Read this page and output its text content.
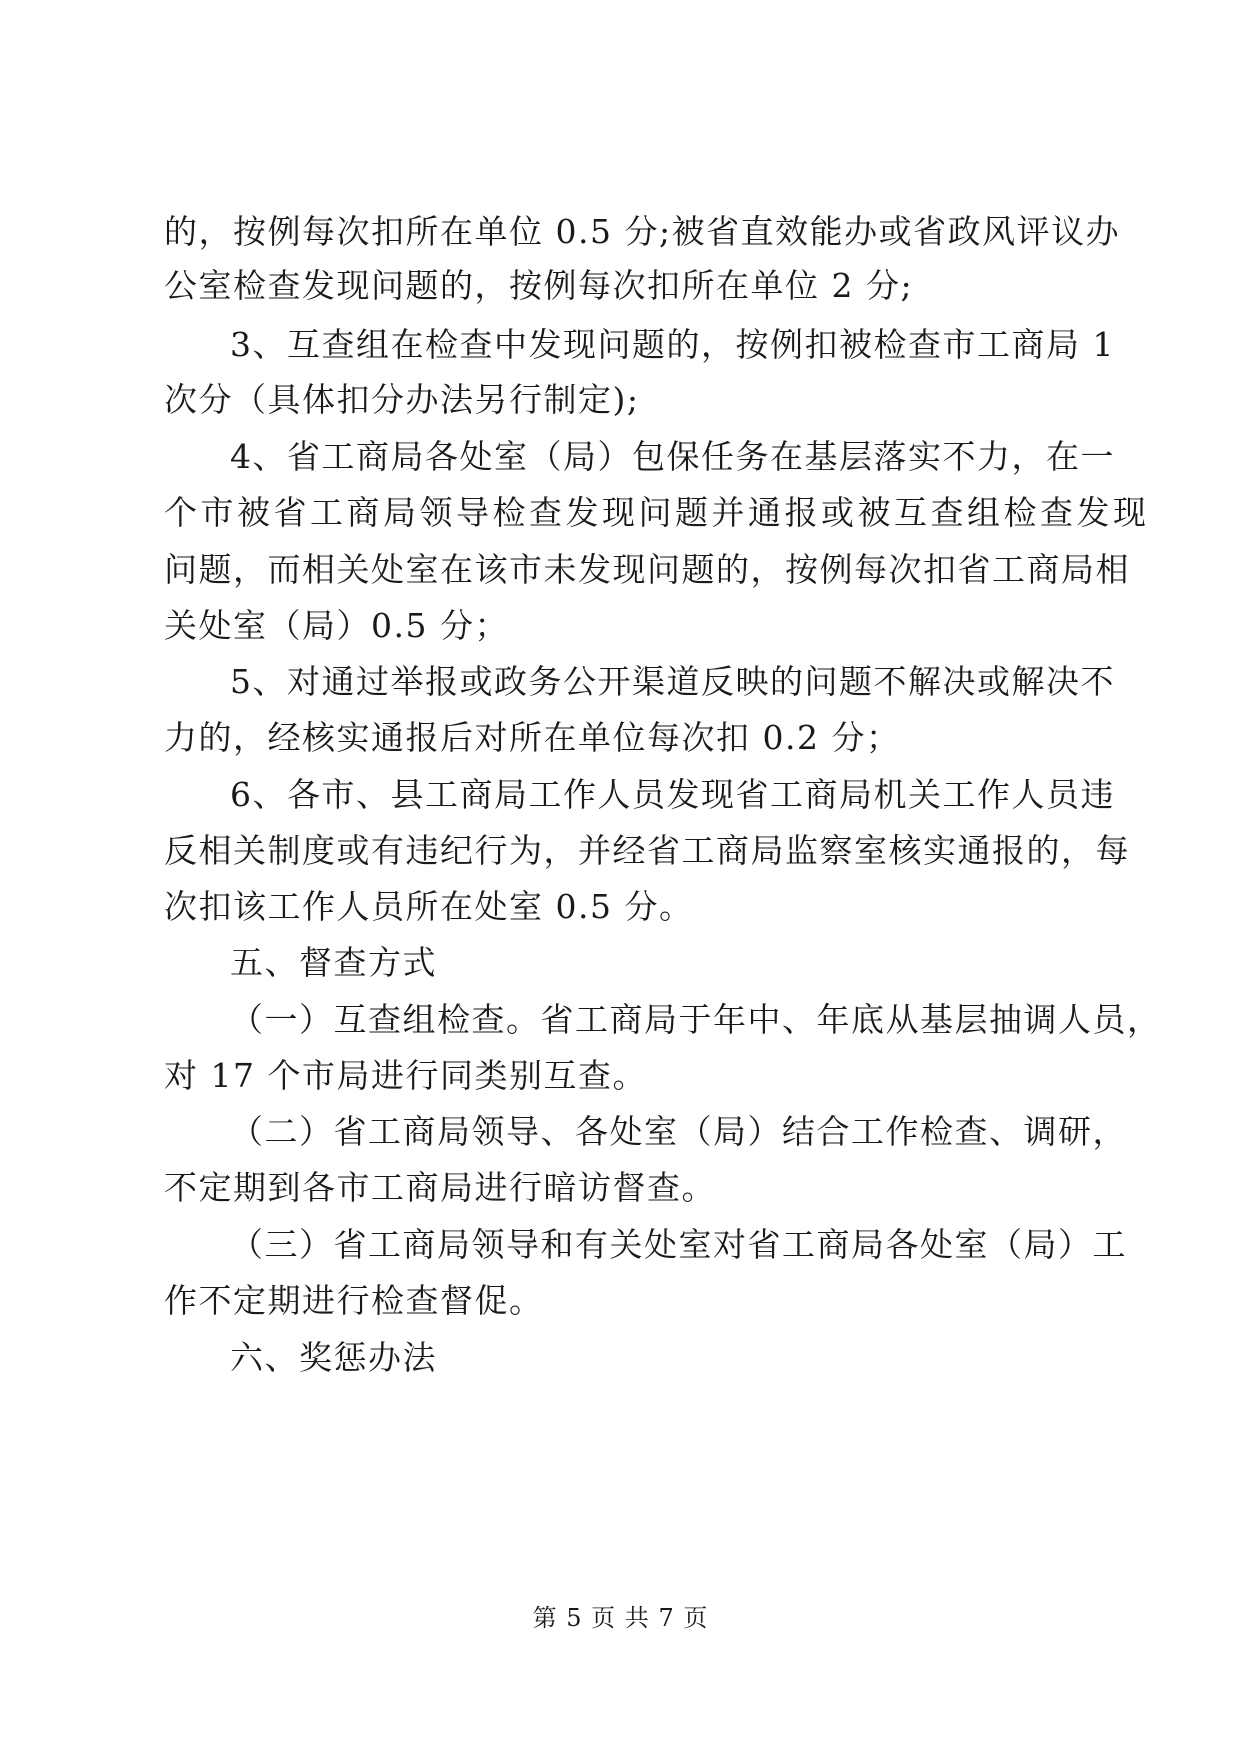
的，按例每次扣所在单位 0.5 分;被省直效能办或省政风评议办
公室检查发现问题的，按例每次扣所在单位 2 分;
3、互查组在检查中发现问题的，按例扣被检查市工商局 1
次分（具体扣分办法另行制定);
4、省工商局各处室（局）包保任务在基层落实不力，在一
个市被省工商局领导检查发现问题并通报或被互查组检查发现
问题，而相关处室在该市未发现问题的，按例每次扣省工商局相
关处室（局）0.5 分；
5、对通过举报或政务公开渠道反映的问题不解决或解决不
力的，经核实通报后对所在单位每次扣 0.2 分；
6、各市、县工商局工作人员发现省工商局机关工作人员违
反相关制度或有违纪行为，并经省工商局监察室核实通报的，每
次扣该工作人员所在处室 0.5 分。
五、督查方式
（一）互查组检查。省工商局于年中、年底从基层抽调人员，
对 17 个市局进行同类别互查。
（二）省工商局领导、各处室（局）结合工作检查、调研，
不定期到各市工商局进行暗访督查。
（三）省工商局领导和有关处室对省工商局各处室（局）工
作不定期进行检查督促。
六、奖惩办法
第 5 页 共 7 页
